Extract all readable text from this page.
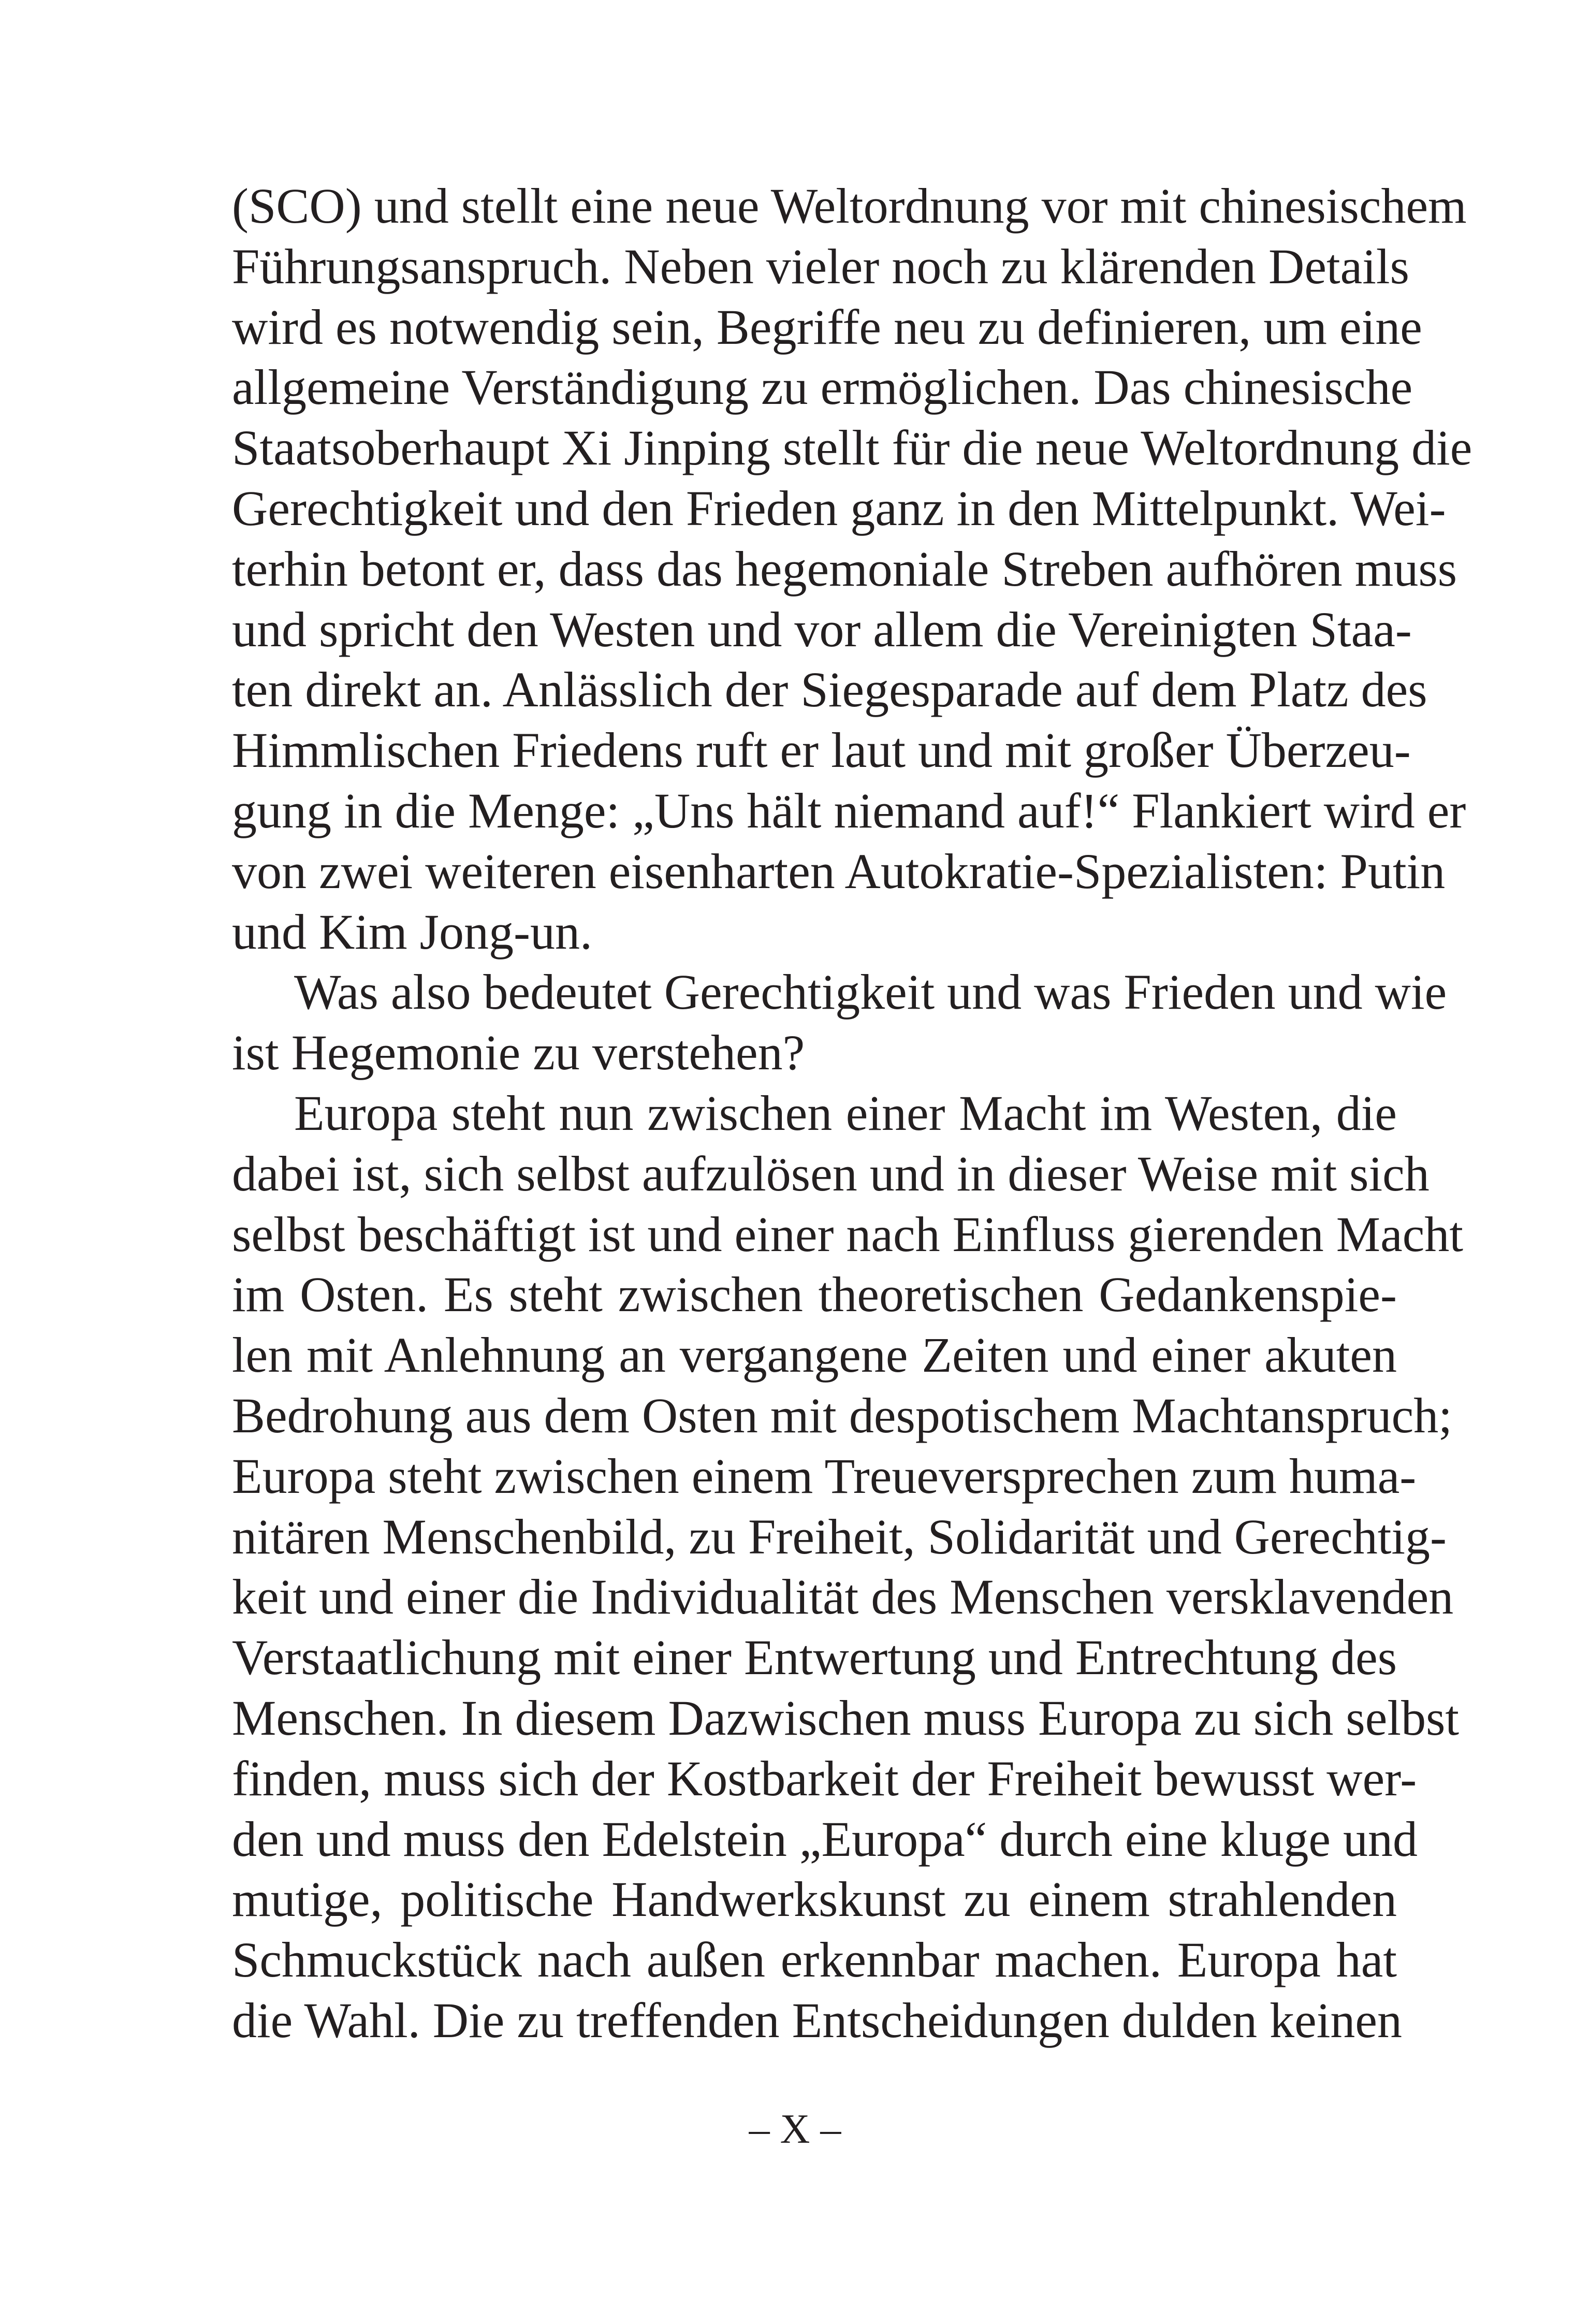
(SCO) und stellt eine neue Weltordnung vor mit chinesischem
Führungsanspruch. Neben vieler noch zu klärenden Details
wird es notwendig sein, Begriffe neu zu definieren, um eine
allgemeine Verständigung zu ermöglichen. Das chinesische
Staatsoberhaupt Xi Jinping stellt für die neue Weltordnung die
Gerechtigkeit und den Frieden ganz in den Mittelpunkt. Wei-
terhin betont er, dass das hegemoniale Streben aufhören muss
und spricht den Westen und vor allem die Vereinigten Staa-
ten direkt an. Anlässlich der Siegesparade auf dem Platz des
Himmlischen Friedens ruft er laut und mit großer Überzeu-
gung in die Menge: „Uns hält niemand auf!“ Flankiert wird er
von zwei weiteren eisenharten Autokratie-Spezialisten: Putin
und Kim Jong-un.
Was also bedeutet Gerechtigkeit und was Frieden und wie
ist Hegemonie zu verstehen?
Europa steht nun zwischen einer Macht im Westen, die
dabei ist, sich selbst aufzulösen und in dieser Weise mit sich
selbst beschäftigt ist und einer nach Einfluss gierenden Macht
im Osten. Es steht zwischen theoretischen Gedankenspie-
len mit Anlehnung an vergangene Zeiten und einer akuten
Bedrohung aus dem Osten mit despotischem Machtanspruch;
Europa steht zwischen einem Treueversprechen zum huma-
nitären Menschenbild, zu Freiheit, Solidarität und Gerechtig-
keit und einer die Individualität des Menschen versklavenden
Verstaatlichung mit einer Entwertung und Entrechtung des
Menschen. In diesem Dazwischen muss Europa zu sich selbst
finden, muss sich der Kostbarkeit der Freiheit bewusst wer-
den und muss den Edelstein „Europa“ durch eine kluge und
mutige, politische Handwerkskunst zu einem strahlenden
Schmuckstück nach außen erkennbar machen. Europa hat
die Wahl. Die zu treffenden Entscheidungen dulden keinen
– X –
